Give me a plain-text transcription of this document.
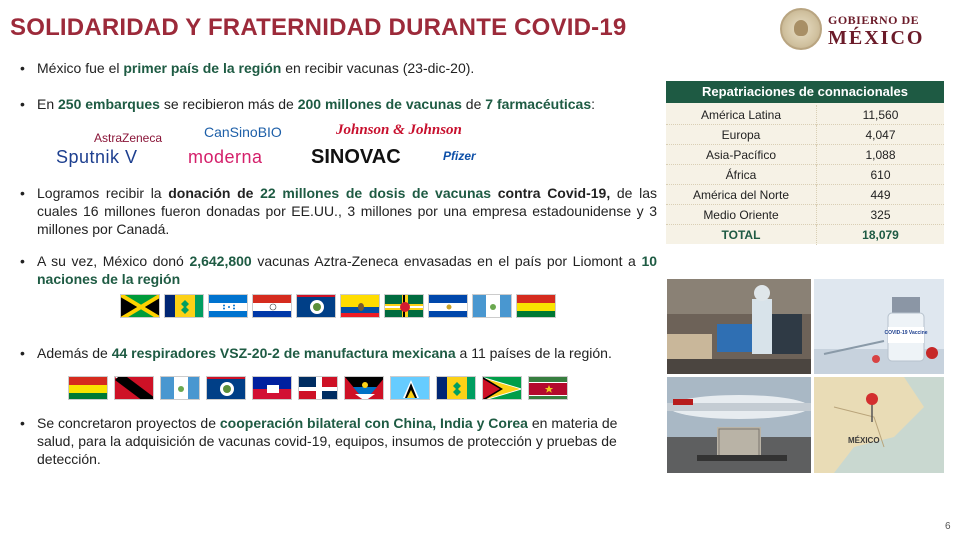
SOLIDARIDAD Y FRATERNIDAD DURANTE COVID-19	GOBIERNO DE
MÉXICO
• México fue el primer país de la región en recibir vacunas (23-dic-20).
• En 250 embarques se recibieron más de 200 millones de vacunas de 7 farmacéuticas:
AstraZeneca	CanSinoBIO	Johnson & Johnson
Sputnik V	moderna SINOVAC	Pfizer
• Logramos recibir la donación de 22 millones de dosis de vacunas contra Covid-19, de las cuales 16 millones fueron donadas por EE.UU., 3 millones por una empresa estadounidense y 3 millones por Canadá.
• A su vez, México donó 2,642,800 vacunas Aztra-Zeneca envasadas en el país por Liomont a 10 naciones de la región
• Además de 44 respiradores VSZ-20-2 de manufactura mexicana a 11 países de la región.
• Se concretaron proyectos de cooperación bilateral con China, India y Corea en materia de salud, para la adquisición de vacunas covid-19, equipos, insumos de protección y pruebas de detección.
Repatriaciones de connacionales
América Latina	11,560
Europa	4,047
Asia-Pacífico	1,088
África	610
América del Norte	449
Medio Oriente	325
TOTAL	18,079
COVID-19 Vaccine
MÉXICO
6
